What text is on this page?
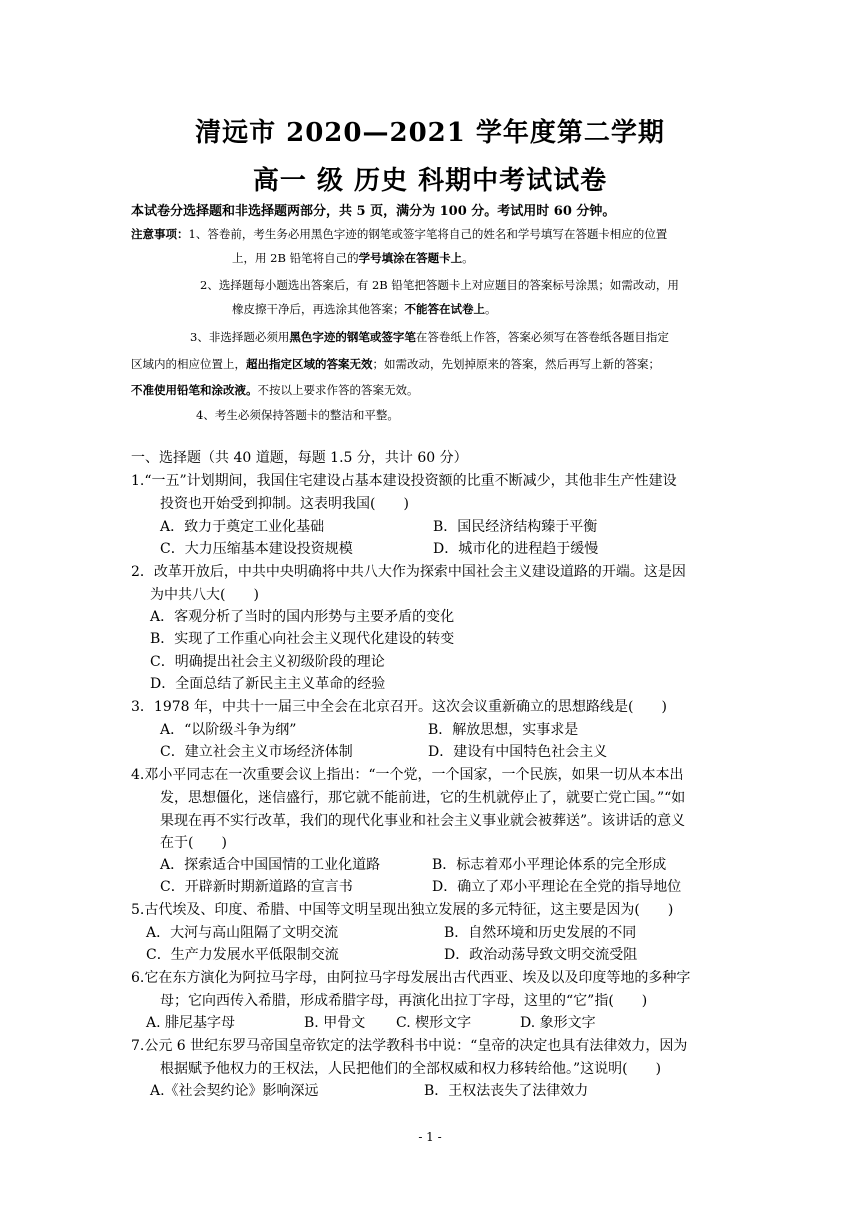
清远市 2020—2021 学年度第二学期
高一 级 历史 科期中考试试卷
本试卷分选择题和非选择题两部分，共 5 页，满分为 100 分。考试用时 60 分钟。
注意事项：1、答卷前，考生务必用黑色字迹的钢笔或签字笔将自己的姓名和学号填写在答题卡相应的位置
上，用 2B 铅笔将自己的学号填涂在答题卡上。
2、选择题每小题选出答案后，有 2B 铅笔把答题卡上对应题目的答案标号涂黑；如需改动，用
橡皮擦干净后，再选涂其他答案；不能答在试卷上。
3、非选择题必须用黑色字迹的钢笔或签字笔在答卷纸上作答，答案必须写在答卷纸各题目指定
区域内的相应位置上，超出指定区域的答案无效；如需改动，先划掉原来的答案，然后再写上新的答案；
不准使用铅笔和涂改液。不按以上要求作答的答案无效。
4、考生必须保持答题卡的整洁和平整。
一、选择题（共 40 道题，每题 1.5 分，共计 60 分）
1.“一五”计划期间，我国住宅建设占基本建设投资额的比重不断减少，其他非生产性建设
投资也开始受到抑制。这表明我国(　　)
A．致力于奠定工业化基础	B．国民经济结构臻于平衡
C．大力压缩基本建设投资规模	D．城市化的进程趋于缓慢
2．改革开放后，中共中央明确将中共八大作为探索中国社会主义建设道路的开端。这是因
为中共八大(　　)
A．客观分析了当时的国内形势与主要矛盾的变化
B．实现了工作重心向社会主义现代化建设的转变
C．明确提出社会主义初级阶段的理论
D．全面总结了新民主主义革命的经验
3．1978 年，中共十一届三中全会在北京召开。这次会议重新确立的思想路线是(　　)
A．“以阶级斗争为纲”	B．解放思想，实事求是
C．建立社会主义市场经济体制	D．建设有中国特色社会主义
4.邓小平同志在一次重要会议上指出：“一个党，一个国家，一个民族，如果一切从本本出
发，思想僵化，迷信盛行，那它就不能前进，它的生机就停止了，就要亡党亡国。”“如
果现在再不实行改革，我们的现代化事业和社会主义事业就会被葬送”。该讲话的意义
在于(　　)
A．探索适合中国国情的工业化道路	B．标志着邓小平理论体系的完全形成
C．开辟新时期新道路的宣言书	D．确立了邓小平理论在全党的指导地位
5.古代埃及、印度、希腊、中国等文明呈现出独立发展的多元特征，这主要是因为(　　)
A．大河与高山阻隔了文明交流	B．自然环境和历史发展的不同
C．生产力发展水平低限制交流	D．政治动荡导致文明交流受阻
6.它在东方演化为阿拉马字母，由阿拉马字母发展出古代西亚、埃及以及印度等地的多种字
母；它向西传入希腊，形成希腊字母，再演化出拉丁字母，这里的“它”指(　　)
A. 腓尼基字母	B. 甲骨文 C. 楔形文字	D. 象形文字
7.公元 6 世纪东罗马帝国皇帝钦定的法学教科书中说：“皇帝的决定也具有法律效力，因为
根据赋予他权力的王权法，人民把他们的全部权威和权力移转给他。”这说明(　　)
A.《社会契约论》影响深远	B．王权法丧失了法律效力
- 1 -
